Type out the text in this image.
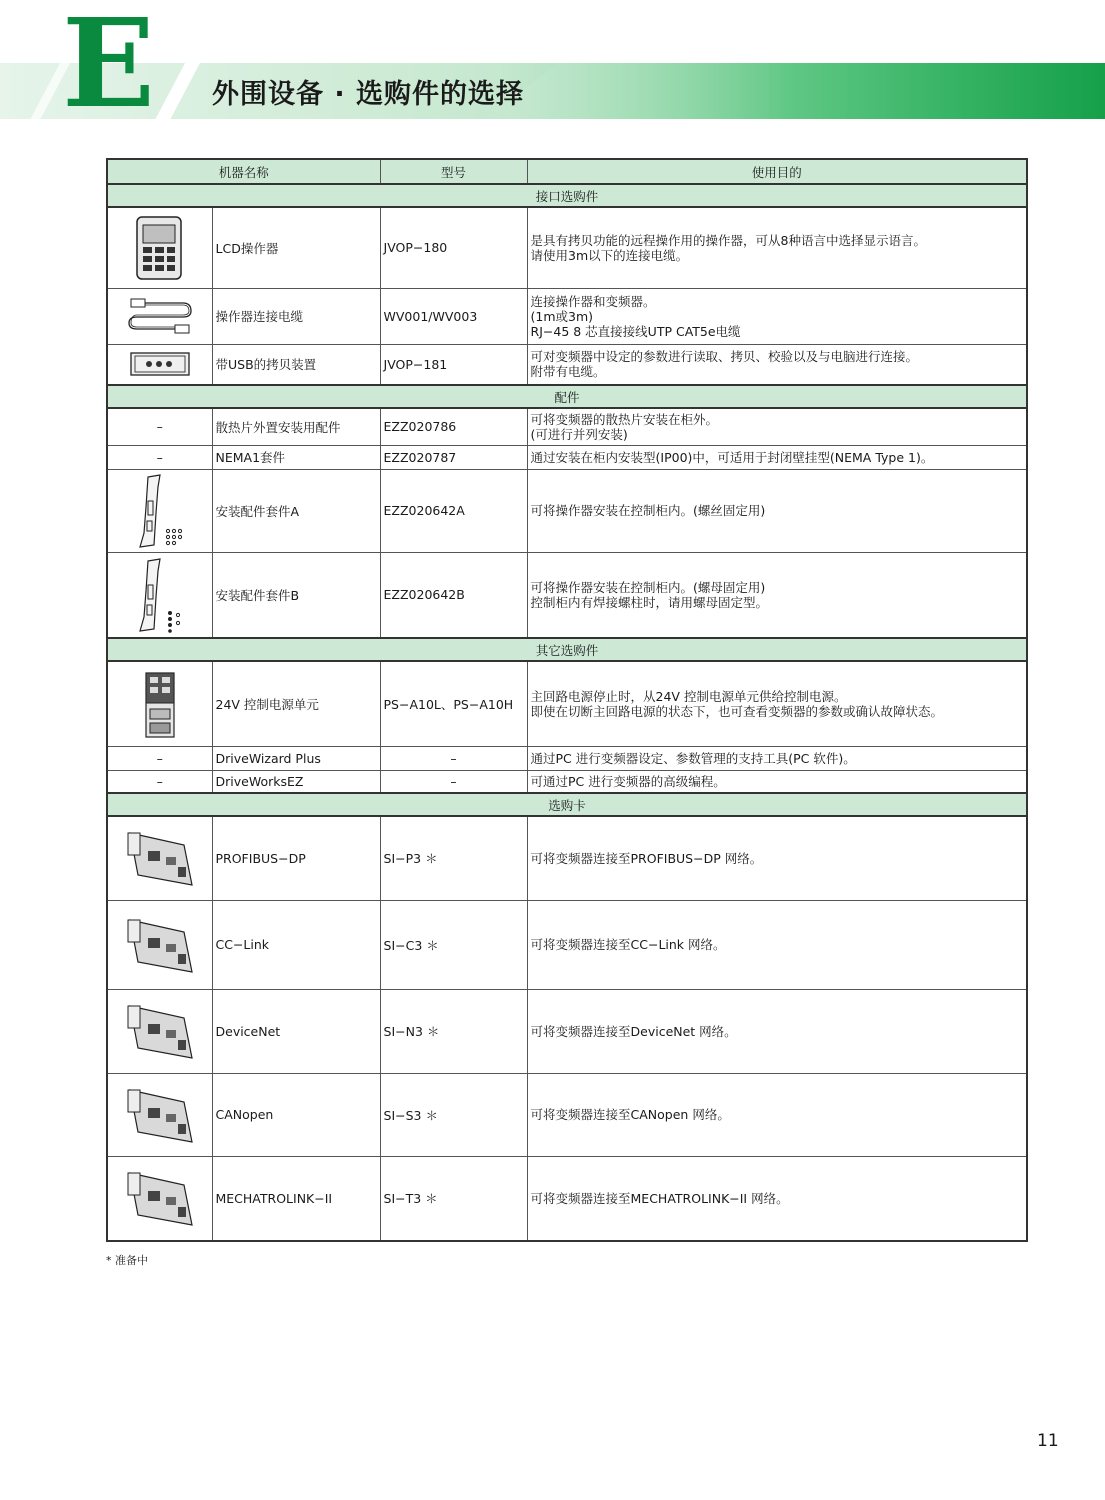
E 外围设备 · 选购件的选择
机器名称		型号	使用目的
接口选购件			

	LCD操作器	JVOP−180	是具有拷贝功能的远程操作用的操作器，可从8种语言中选择显示语言。
请使用3m以下的连接电缆。

	操作器连接电缆	WV001/WV003	连接操作器和变频器。
(1m或3m)
RJ−45 8 芯直接接线UTP CAT5e电缆

	带USB的拷贝装置	JVOP−181	可对变频器中设定的参数进行读取、拷贝、校验以及与电脑进行连接。
附带有电缆。

配件			
–	散热片外置安装用配件	EZZ020786	可将变频器的散热片安装在柜外。
(可进行并列安装)

–	NEMA1套件	EZZ020787	通过安装在柜内安装型(IP00)中，可适用于封闭壁挂型(NEMA Type 1)。

	安装配件套件A	EZZ020642A	可将操作器安装在控制柜内。(螺丝固定用)

	安装配件套件B	EZZ020642B	可将操作器安装在控制柜内。(螺母固定用)
控制柜内有焊接螺柱时，请用螺母固定型。

其它选购件			

	24V 控制电源单元	PS−A10L、PS−A10H	主回路电源停止时，从24V 控制电源单元供给控制电源。
即使在切断主回路电源的状态下，也可查看变频器的参数或确认故障状态。

–	DriveWizard Plus	–	通过PC 进行变频器设定、参数管理的支持工具(PC 软件)。

–	DriveWorksEZ	–	可通过PC 进行变频器的高级编程。

选购卡			

	PROFIBUS−DP	SI−P3 ＊	可将变频器连接至PROFIBUS−DP 网络。

	CC−Link	SI−C3 ＊	可将变频器连接至CC−Link 网络。

	DeviceNet	SI−N3 ＊	可将变频器连接至DeviceNet 网络。

	CANopen	SI−S3 ＊	可将变频器连接至CANopen 网络。

	MECHATROLINK−II	SI−T3 ＊	可将变频器连接至MECHATROLINK−II 网络。
* 准备中
11
